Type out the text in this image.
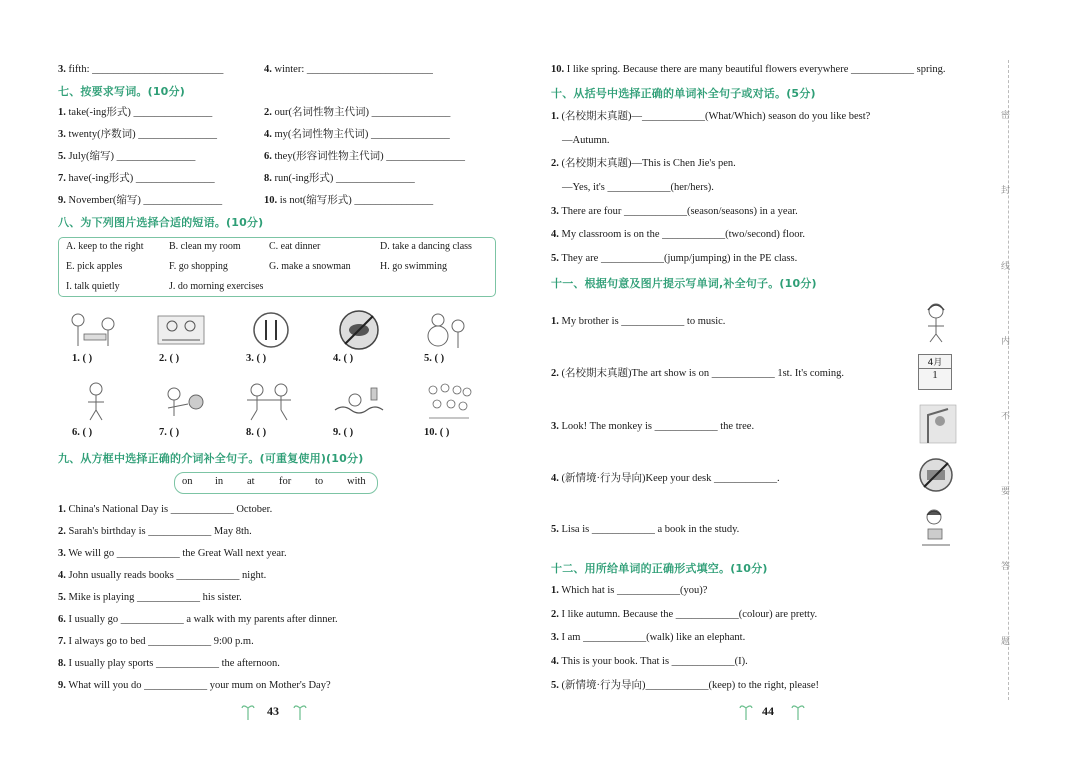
3. fifth: _________________________	4. winter: ________________________
七、按要求写词。(10分)
1. take(-ing形式) _______________	2. our(名词性物主代词) _______________
3. twenty(序数词) _______________	4. my(名词性物主代词) _______________
5. July(缩写) _______________	6. they(形容词性物主代词) _______________
7. have(-ing形式) _______________	8. run(-ing形式) _______________
9. November(缩写) _______________	10. is not(缩写形式) _______________
八、为下列图片选择合适的短语。(10分)
A. keep to the right	B. clean my room	C. eat dinner	D. take a dancing class
E. pick apples	F. go shopping	G. make a snowman	H. go swimming
I. talk quietly	J. do morning exercises
1. ( )	2. ( )	3. ( )	4. ( )	5. ( )
6. ( )	7. ( )	8. ( )	9. ( )	10. ( )
九、从方框中选择正确的介词补全句子。(可重复使用)(10分)
on in at for to with
1. China's National Day is ____________ October.
2. Sarah's birthday is ____________ May 8th.
3. We will go ____________ the Great Wall next year.
4. John usually reads books ____________ night.
5. Mike is playing ____________ his sister.
6. I usually go ____________ a walk with my parents after dinner.
7. I always go to bed ____________ 9:00 p.m.
8. I usually play sports ____________ the afternoon.
9. What will you do ____________ your mum on Mother's Day?
43
10. I like spring. Because there are many beautiful flowers everywhere ____________ spring.
十、从括号中选择正确的单词补全句子或对话。(5分)
1. (名校期末真题)—____________(What/Which) season do you like best?
—Autumn.
2. (名校期末真题)—This is Chen Jie's pen.
—Yes, it's ____________(her/hers).
3. There are four ____________(season/seasons) in a year.
4. My classroom is on the ____________(two/second) floor.
5. They are ____________(jump/jumping) in the PE class.
十一、根据句意及图片提示写单词,补全句子。(10分)
1. My brother is ____________ to music.
2. (名校期末真题)The art show is on ____________ 1st. It's coming.
3. Look! The monkey is ____________ the tree.
4. (新情境·行为导向)Keep your desk ____________.
5. Lisa is ____________ a book in the study.
4月
1
十二、用所给单词的正确形式填空。(10分)
1. Which hat is ____________(you)?
2. I like autumn. Because the ____________(colour) are pretty.
3. I am ____________(walk) like an elephant.
4. This is your book. That is ____________(I).
5. (新情境·行为导向)____________(keep) to the right, please!
44
密
封
线
内
不
要
答
题
